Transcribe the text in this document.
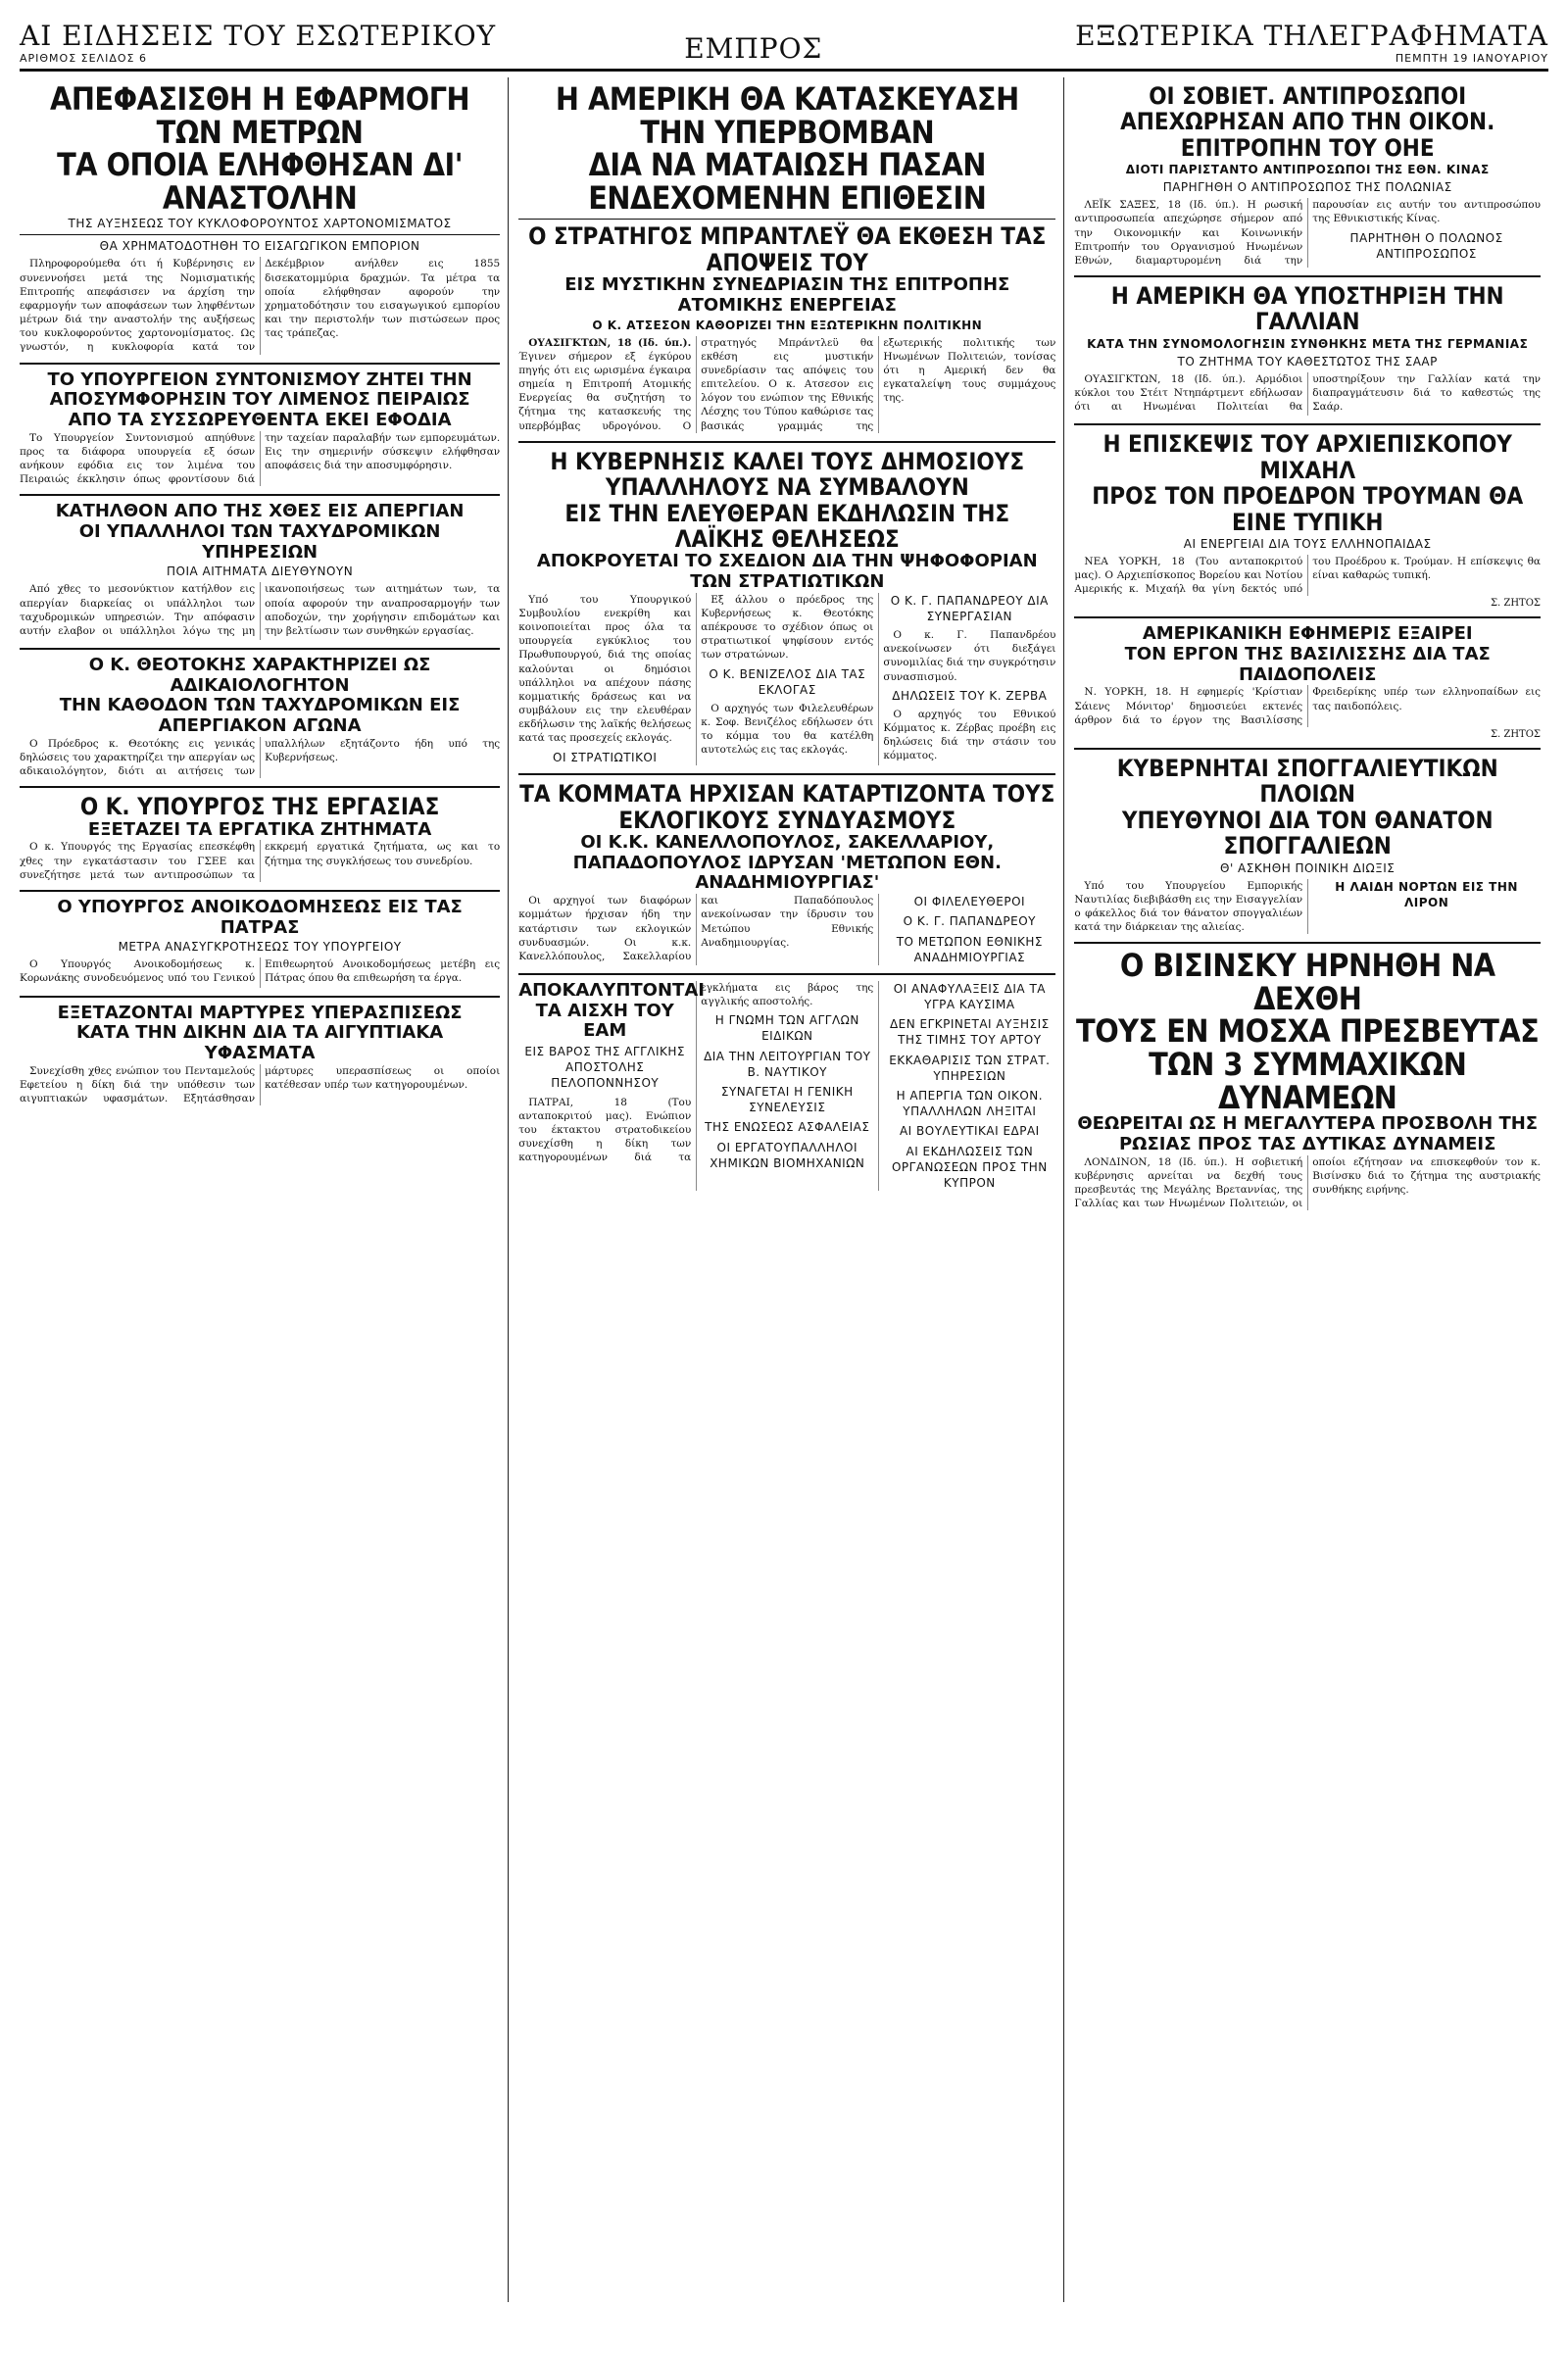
ΑΙ ΕΙΔΗΣΕΙΣ ΤΟΥ ΕΣΩΤΕΡΙΚΟΥ
ΑΡΙΘΜΟΣ ΣΕΛΙΔΟΣ 6	ΕΜΠΡΟΣ	ΕΞΩΤΕΡΙΚΑ ΤΗΛΕΓΡΑΦΗΜΑΤΑ
ΠΕΜΠΤΗ 19 ΙΑΝΟΥΑΡΙΟΥ
ΑΠΕΦΑΣΙΣΘΗ Η ΕΦΑΡΜΟΓΗ ΤΩΝ ΜΕΤΡΩΝ
ΤΑ ΟΠΟΙΑ ΕΛΗΦΘΗΣΑΝ ΔΙ' ΑΝΑΣΤΟΛΗΝ
ΤΗΣ ΑΥΞΗΣΕΩΣ ΤΟΥ ΚΥΚΛΟΦΟΡΟΥΝΤΟΣ ΧΑΡΤΟΝΟΜΙΣΜΑΤΟΣ
ΘΑ ΧΡΗΜΑΤΟΔΟΤΗΘΗ ΤΟ ΕΙΣΑΓΩΓΙΚΟΝ ΕΜΠΟΡΙΟΝ

Πληροφορούμεθα ότι ή Κυβέρνησις εν συνεννοήσει μετά της Νομισματικής Επιτροπής απεφάσισεν να άρχίση την εφαρμογήν των αποφάσεων των ληφθέντων μέτρων διά την αναστολήν της αυξήσεως του κυκλοφορούντος χαρτονομίσματος. Ως γνωστόν, η κυκλοφορία κατά τον Δεκέμβριον ανήλθεν εις 1855 δισεκατομμύρια δραχμών. Τα μέτρα τα οποία ελήφθησαν αφορούν την χρηματοδότησιν του εισαγωγικού εμπορίου και την περιστολήν των πιστώσεων προς τας τράπεζας.

ΤΟ ΥΠΟΥΡΓΕΙΟΝ ΣΥΝΤΟΝΙΣΜΟΥ ΖΗΤΕΙ ΤΗΝ ΑΠΟΣΥΜΦΟΡΗΣΙΝ ΤΟΥ ΛΙΜΕΝΟΣ ΠΕΙΡΑΙΩΣ
ΑΠΟ ΤΑ ΣΥΣΣΩΡΕΥΘΕΝΤΑ ΕΚΕΙ ΕΦΟΔΙΑ

Το Υπουργείον Συντονισμού απηύθυνε προς τα διάφορα υπουργεία εξ όσων ανήκουν εφόδια εις τον λιμένα του Πειραιώς έκκλησιν όπως φροντίσουν διά την ταχείαν παραλαβήν των εμπορευμάτων. Εις την σημερινήν σύσκεψιν ελήφθησαν αποφάσεις διά την αποσυμφόρησιν.

ΚΑΤΗΛΘΟΝ ΑΠΟ ΤΗΣ ΧΘΕΣ ΕΙΣ ΑΠΕΡΓΙΑΝ
ΟΙ ΥΠΑΛΛΗΛΟΙ ΤΩΝ ΤΑΧΥΔΡΟΜΙΚΩΝ ΥΠΗΡΕΣΙΩΝ
ΠΟΙΑ ΑΙΤΗΜΑΤΑ ΔΙΕΥΘΥΝΟΥΝ

Από χθες το μεσονύκτιον κατήλθον εις απεργίαν διαρκείας οι υπάλληλοι των ταχυδρομικών υπηρεσιών. Την απόφασιν αυτήν ελαβον οι υπάλληλοι λόγω της μη ικανοποιήσεως των αιτημάτων των, τα οποία αφορούν την αναπροσαρμογήν των αποδοχών, την χορήγησιν επιδομάτων και την βελτίωσιν των συνθηκών εργασίας.

Ο Κ. ΘΕΟΤΟΚΗΣ ΧΑΡΑΚΤΗΡΙΖΕΙ ΩΣ ΑΔΙΚΑΙΟΛΟΓΗΤΟΝ
ΤΗΝ ΚΑΘΟΔΟΝ ΤΩΝ ΤΑΧΥΔΡΟΜΙΚΩΝ ΕΙΣ ΑΠΕΡΓΙΑΚΟΝ ΑΓΩΝΑ

Ο Πρόεδρος κ. Θεοτόκης εις γενικάς δηλώσεις του χαρακτηρίζει την απεργίαν ως αδικαιολόγητον, διότι αι αιτήσεις των υπαλλήλων εξητάζοντο ήδη υπό της Κυβερνήσεως.

Ο Κ. ΥΠΟΥΡΓΟΣ ΤΗΣ ΕΡΓΑΣΙΑΣ
ΕΞΕΤΑΖΕΙ ΤΑ ΕΡΓΑΤΙΚΑ ΖΗΤΗΜΑΤΑ

Ο κ. Υπουργός της Εργασίας επεσκέφθη χθες την εγκατάστασιν του ΓΣΕΕ και συνεζήτησε μετά των αντιπροσώπων τα εκκρεμή εργατικά ζητήματα, ως και το ζήτημα της συγκλήσεως του συνεδρίου.

Ο ΥΠΟΥΡΓΟΣ ΑΝΟΙΚΟΔΟΜΗΣΕΩΣ ΕΙΣ ΤΑΣ ΠΑΤΡΑΣ
ΜΕΤΡΑ ΑΝΑΣΥΓΚΡΟΤΗΣΕΩΣ ΤΟΥ ΥΠΟΥΡΓΕΙΟΥ

Ο Υπουργός Ανοικοδομήσεως κ. Κορωνάκης συνοδευόμενος υπό του Γενικού Επιθεωρητού Ανοικοδομήσεως μετέβη εις Πάτρας όπου θα επιθεωρήση τα έργα.

ΕΞΕΤΑΖΟΝΤΑΙ ΜΑΡΤΥΡΕΣ ΥΠΕΡΑΣΠΙΣΕΩΣ
ΚΑΤΑ ΤΗΝ ΔΙΚΗΝ ΔΙΑ ΤΑ ΑΙΓΥΠΤΙΑΚΑ ΥΦΑΣΜΑΤΑ

Συνεχίσθη χθες ενώπιον του Πενταμελούς Εφετείου η δίκη διά την υπόθεσιν των αιγυπτιακών υφασμάτων. Εξητάσθησαν μάρτυρες υπερασπίσεως οι οποίοι κατέθεσαν υπέρ των κατηγορουμένων.

Η ΑΜΕΡΙΚΗ ΘΑ ΚΑΤΑΣΚΕΥΑΣΗ ΤΗΝ ΥΠΕΡΒΟΜΒΑΝ
ΔΙΑ ΝΑ ΜΑΤΑΙΩΣΗ ΠΑΣΑΝ ΕΝΔΕΧΟΜΕΝΗΝ ΕΠΙΘΕΣΙΝ
Ο ΣΤΡΑΤΗΓΟΣ ΜΠΡΑΝΤΛΕΫ ΘΑ ΕΚΘΕΣΗ ΤΑΣ ΑΠΟΨΕΙΣ ΤΟΥ
ΕΙΣ ΜΥΣΤΙΚΗΝ ΣΥΝΕΔΡΙΑΣΙΝ ΤΗΣ ΕΠΙΤΡΟΠΗΣ ΑΤΟΜΙΚΗΣ ΕΝΕΡΓΕΙΑΣ
Ο Κ. ΑΤΣΕΣΟΝ ΚΑΘΟΡΙΖΕΙ ΤΗΝ ΕΞΩΤΕΡΙΚΗΝ ΠΟΛΙΤΙΚΗΝ

ΟΥΑΣΙΓΚΤΩΝ, 18 (Ιδ. ύπ.). Έγινεν σήμερον εξ έγκύρου πηγής ότι εις ωρισμένα έγκαιρα σημεία η Επιτροπή Ατομικής Ενεργείας θα συζητήση το ζήτημα της κατασκευής της υπερβόμβας υδρογόνου. Ο στρατηγός Μπράντλεϋ θα εκθέση εις μυστικήν συνεδρίασιν τας απόψεις του επιτελείου. Ο κ. Ατσεσον εις λόγον του ενώπιον της Εθνικής Λέσχης του Τύπου καθώρισε τας βασικάς γραμμάς της εξωτερικής πολιτικής των Ηνωμένων Πολιτειών, τονίσας ότι η Αμερική δεν θα εγκαταλείψη τους συμμάχους της.

Η ΚΥΒΕΡΝΗΣΙΣ ΚΑΛΕΙ ΤΟΥΣ ΔΗΜΟΣΙΟΥΣ ΥΠΑΛΛΗΛΟΥΣ ΝΑ ΣΥΜΒΑΛΟΥΝ
ΕΙΣ ΤΗΝ ΕΛΕΥΘΕΡΑΝ ΕΚΔΗΛΩΣΙΝ ΤΗΣ ΛΑΪΚΗΣ ΘΕΛΗΣΕΩΣ
ΑΠΟΚΡΟΥΕΤΑΙ ΤΟ ΣΧΕΔΙΟΝ ΔΙΑ ΤΗΝ ΨΗΦΟΦΟΡΙΑΝ ΤΩΝ ΣΤΡΑΤΙΩΤΙΚΩΝ

Υπό του Υπουργικού Συμβουλίου ενεκρίθη και κοινοποιείται προς όλα τα υπουργεία εγκύκλιος του Πρωθυπουργού, διά της οποίας καλούνται οι δημόσιοι υπάλληλοι να απέχουν πάσης κομματικής δράσεως και να συμβάλουν εις την ελευθέραν εκδήλωσιν της λαϊκής θελήσεως κατά τας προσεχείς εκλογάς.

ΟΙ ΣΤΡΑΤΙΩΤΙΚΟΙ

Εξ άλλου ο πρόεδρος της Κυβερνήσεως κ. Θεοτόκης απέκρουσε το σχέδιον όπως οι στρατιωτικοί ψηφίσουν εντός των στρατώνων.

Ο Κ. ΒΕΝΙΖΕΛΟΣ ΔΙΑ ΤΑΣ ΕΚΛΟΓΑΣ

Ο αρχηγός των Φιλελευθέρων κ. Σοφ. Βενιζέλος εδήλωσεν ότι το κόμμα του θα κατέλθη αυτοτελώς εις τας εκλογάς.

Ο Κ. Γ. ΠΑΠΑΝΔΡΕΟΥ ΔΙΑ ΣΥΝΕΡΓΑΣΙΑΝ

Ο κ. Γ. Παπανδρέου ανεκοίνωσεν ότι διεξάγει συνομιλίας διά την συγκρότησιν συνασπισμού.

ΔΗΛΩΣΕΙΣ ΤΟΥ Κ. ΖΕΡΒΑ

Ο αρχηγός του Εθνικού Κόμματος κ. Ζέρβας προέβη εις δηλώσεις διά την στάσιν του κόμματος.

ΤΑ ΚΟΜΜΑΤΑ ΗΡΧΙΣΑΝ ΚΑΤΑΡΤΙΖΟΝΤΑ ΤΟΥΣ ΕΚΛΟΓΙΚΟΥΣ ΣΥΝΔΥΑΣΜΟΥΣ
ΟΙ Κ.Κ. ΚΑΝΕΛΛΟΠΟΥΛΟΣ, ΣΑΚΕΛΛΑΡΙΟΥ, ΠΑΠΑΔΟΠΟΥΛΟΣ ΙΔΡΥΣΑΝ 'ΜΕΤΩΠΟΝ ΕΘΝ. ΑΝΑΔΗΜΙΟΥΡΓΙΑΣ'

Οι αρχηγοί των διαφόρων κομμάτων ήρχισαν ήδη την κατάρτισιν των εκλογικών συνδυασμών. Οι κ.κ. Κανελλόπουλος, Σακελλαρίου και Παπαδόπουλος ανεκοίνωσαν την ίδρυσιν του Μετώπου Εθνικής Αναδημιουργίας.

ΟΙ ΦΙΛΕΛΕΥΘΕΡΟΙ
Ο Κ. Γ. ΠΑΠΑΝΔΡΕΟΥ
ΤΟ ΜΕΤΩΠΟΝ ΕΘΝΙΚΗΣ ΑΝΑΔΗΜΙΟΥΡΓΙΑΣ
ΑΠΟΚΑΛΥΠΤΟΝΤΑΙ ΤΑ ΑΙΣΧΗ ΤΟΥ ΕΑΜ
ΕΙΣ ΒΑΡΟΣ ΤΗΣ ΑΓΓΛΙΚΗΣ ΑΠΟΣΤΟΛΗΣ ΠΕΛΟΠΟΝΝΗΣΟΥ

ΠΑΤΡΑΙ, 18 (Του ανταποκριτού μας). Ενώπιον του έκτακτου στρατοδικείου συνεχίσθη η δίκη των κατηγορουμένων διά τα εγκλήματα εις βάρος της αγγλικής αποστολής.

Η ΓΝΩΜΗ ΤΩΝ ΑΓΓΛΩΝ ΕΙΔΙΚΩΝ
ΔΙΑ ΤΗΝ ΛΕΙΤΟΥΡΓΙΑΝ ΤΟΥ Β. ΝΑΥΤΙΚΟΥ
ΣΥΝΑΓΕΤΑΙ Η ΓΕΝΙΚΗ ΣΥΝΕΛΕΥΣΙΣ
ΤΗΣ ΕΝΩΣΕΩΣ ΑΣΦΑΛΕΙΑΣ
ΟΙ ΕΡΓΑΤΟΥΠΑΛΛΗΛΟΙ ΧΗΜΙΚΩΝ ΒΙΟΜΗΧΑΝΙΩΝ
ΟΙ ΑΝΑΦΥΛΑΞΕΙΣ ΔΙΑ ΤΑ ΥΓΡΑ ΚΑΥΣΙΜΑ
ΔΕΝ ΕΓΚΡΙΝΕΤΑΙ ΑΥΞΗΣΙΣ ΤΗΣ ΤΙΜΗΣ ΤΟΥ ΑΡΤΟΥ
ΕΚΚΑΘΑΡΙΣΙΣ ΤΩΝ ΣΤΡΑΤ. ΥΠΗΡΕΣΙΩΝ
Η ΑΠΕΡΓΙΑ ΤΩΝ ΟΙΚΟΝ. ΥΠΑΛΛΗΛΩΝ ΛΗΞΙΤΑΙ
ΑΙ ΒΟΥΛΕΥΤΙΚΑΙ ΕΔΡΑΙ
ΑΙ ΕΚΔΗΛΩΣΕΙΣ ΤΩΝ ΟΡΓΑΝΩΣΕΩΝ ΠΡΟΣ ΤΗΝ ΚΥΠΡΟΝ
ΟΙ ΣΟΒΙΕΤ. ΑΝΤΙΠΡΟΣΩΠΟΙ ΑΠΕΧΩΡΗΣΑΝ ΑΠΟ ΤΗΝ ΟΙΚΟΝ. ΕΠΙΤΡΟΠΗΝ ΤΟΥ ΟΗΕ
ΔΙΟΤΙ ΠΑΡΙΣΤΑΝΤΟ ΑΝΤΙΠΡΟΣΩΠΟΙ ΤΗΣ ΕΘΝ. ΚΙΝΑΣ
ΠΑΡΗΓΗΘΗ Ο ΑΝΤΙΠΡΟΣΩΠΟΣ ΤΗΣ ΠΟΛΩΝΙΑΣ

ΛΕΪΚ ΣΑΞΕΣ, 18 (Ιδ. ύπ.). Η ρωσική αντιπροσωπεία απεχώρησε σήμερον από την Οικονομικήν και Κοινωνικήν Επιτροπήν του Οργανισμού Ηνωμένων Εθνών, διαμαρτυρομένη διά την παρουσίαν εις αυτήν του αντιπροσώπου της Εθνικιστικής Κίνας.

ΠΑΡΗΤΗΘΗ Ο ΠΟΛΩΝΟΣ ΑΝΤΙΠΡΟΣΩΠΟΣ
Η ΑΜΕΡΙΚΗ ΘΑ ΥΠΟΣΤΗΡΙΞΗ ΤΗΝ ΓΑΛΛΙΑΝ
ΚΑΤΑ ΤΗΝ ΣΥΝΟΜΟΛΟΓΗΣΙΝ ΣΥΝΘΗΚΗΣ ΜΕΤΑ ΤΗΣ ΓΕΡΜΑΝΙΑΣ
ΤΟ ΖΗΤΗΜΑ ΤΟΥ ΚΑΘΕΣΤΩΤΟΣ ΤΗΣ ΣΑΑΡ

ΟΥΑΣΙΓΚΤΩΝ, 18 (Ιδ. ύπ.). Αρμόδιοι κύκλοι του Στέιτ Ντηπάρτμεντ εδήλωσαν ότι αι Ηνωμέναι Πολιτείαι θα υποστηρίξουν την Γαλλίαν κατά την διαπραγμάτευσιν διά το καθεστώς της Σαάρ.

Η ΕΠΙΣΚΕΨΙΣ ΤΟΥ ΑΡΧΙΕΠΙΣΚΟΠΟΥ ΜΙΧΑΗΛ
ΠΡΟΣ ΤΟΝ ΠΡΟΕΔΡΟΝ ΤΡΟΥΜΑΝ ΘΑ ΕΙΝΕ ΤΥΠΙΚΗ
ΑΙ ΕΝΕΡΓΕΙΑΙ ΔΙΑ ΤΟΥΣ ΕΛΛΗΝΟΠΑΙΔΑΣ

ΝΕΑ ΥΟΡΚΗ, 18 (Του ανταποκριτού μας). Ο Αρχιεπίσκοπος Βορείου και Νοτίου Αμερικής κ. Μιχαήλ θα γίνη δεκτός υπό του Προέδρου κ. Τρούμαν. Η επίσκεψις θα είναι καθαρώς τυπική.

Σ. ΖΗΤΟΣ
ΑΜΕΡΙΚΑΝΙΚΗ ΕΦΗΜΕΡΙΣ ΕΞΑΙΡΕΙ
ΤΟΝ ΕΡΓΟΝ ΤΗΣ ΒΑΣΙΛΙΣΣΗΣ ΔΙΑ ΤΑΣ ΠΑΙΔΟΠΟΛΕΙΣ

Ν. ΥΟΡΚΗ, 18. Η εφημερίς 'Κρίστιαν Σάιενς Μόνιτορ' δημοσιεύει εκτενές άρθρον διά το έργον της Βασιλίσσης Φρειδερίκης υπέρ των ελληνοπαίδων εις τας παιδοπόλεις.

Σ. ΖΗΤΟΣ
ΚΥΒΕΡΝΗΤΑΙ ΣΠΟΓΓΑΛΙΕΥΤΙΚΩΝ ΠΛΟΙΩΝ
ΥΠΕΥΘΥΝΟΙ ΔΙΑ ΤΟΝ ΘΑΝΑΤΟΝ ΣΠΟΓΓΑΛΙΕΩΝ
Θ' ΑΣΚΗΘΗ ΠΟΙΝΙΚΗ ΔΙΩΞΙΣ

Υπό του Υπουργείου Εμπορικής Ναυτιλίας διεβιβάσθη εις την Εισαγγελίαν ο φάκελλος διά τον θάνατον σπογγαλιέων κατά την διάρκειαν της αλιείας.

Η ΛΑΙΔΗ ΝΟΡΤΩΝ ΕΙΣ ΤΗΝ ΛΙΡΟΝ
Ο ΒΙΣΙΝΣΚΥ ΗΡΝΗΘΗ ΝΑ ΔΕΧΘΗ
ΤΟΥΣ ΕΝ ΜΟΣΧΑ ΠΡΕΣΒΕΥΤΑΣ
ΤΩΝ 3 ΣΥΜΜΑΧΙΚΩΝ ΔΥΝΑΜΕΩΝ
ΘΕΩΡΕΙΤΑΙ ΩΣ Η ΜΕΓΑΛΥΤΕΡΑ ΠΡΟΣΒΟΛΗ ΤΗΣ ΡΩΣΙΑΣ ΠΡΟΣ ΤΑΣ ΔΥΤΙΚΑΣ ΔΥΝΑΜΕΙΣ

ΛΟΝΔΙΝΟΝ, 18 (Ιδ. ύπ.). Η σοβιετική κυβέρνησις αρνείται να δεχθή τους πρεσβευτάς της Μεγάλης Βρεταννίας, της Γαλλίας και των Ηνωμένων Πολιτειών, οι οποίοι εζήτησαν να επισκεφθούν τον κ. Βισίνσκυ διά το ζήτημα της αυστριακής συνθήκης ειρήνης.
